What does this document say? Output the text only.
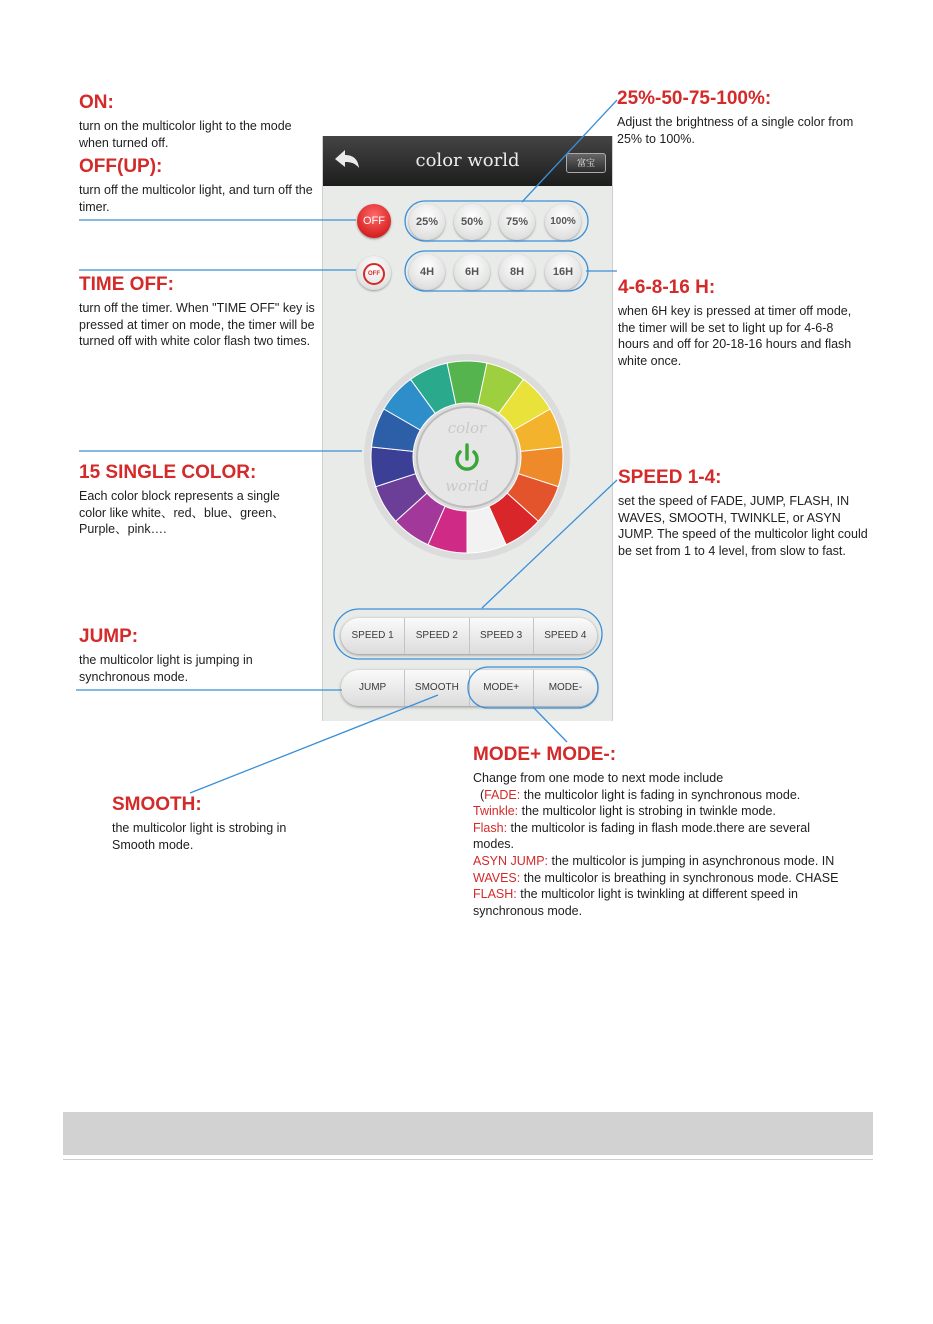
ON:
turn on the multicolor light to the mode when turned off.
OFF(UP):
turn off the multicolor light, and turn off the timer.
TIME OFF:
turn off the timer. When "TIME OFF" key is pressed at timer on mode, the timer will be turned off with white color flash two times.
15 SINGLE COLOR:
Each color block represents a single color like white、red、blue、green、Purple、pink….
JUMP:
the multicolor light is jumping in synchronous mode.
SMOOTH:
the multicolor light is strobing in Smooth mode.
25%-50-75-100%:
Adjust the brightness of a single color from 25% to 100%.
4-6-8-16 H:
when 6H key is pressed at timer off mode, the timer will be set to light up for 4-6-8 hours and off for 20-18-16 hours and flash white once.
SPEED 1-4:
set the speed of FADE, JUMP, FLASH, IN WAVES, SMOOTH, TWINKLE, or ASYN JUMP. The speed of the multicolor light could be set from 1 to 4 level, from slow to fast.
MODE+ MODE-:
Change from one mode to next mode include
(FADE: the multicolor light is fading in synchronous mode.
Twinkle: the multicolor light is strobing in twinkle mode.
Flash: the multicolor is fading in flash mode.there are several modes.
ASYN JUMP: the multicolor is jumping in asynchronous mode. IN
WAVES: the multicolor is breathing in synchronous mode. CHASE
FLASH: the multicolor light is twinkling at different speed in synchronous mode.
color world	富宝
OFF	25%	50%	75%	100%
OFF	4H	6H	8H	16H
color
world
SPEED 1	SPEED 2	SPEED 3	SPEED 4
JUMP	SMOOTH	MODE+	MODE-
